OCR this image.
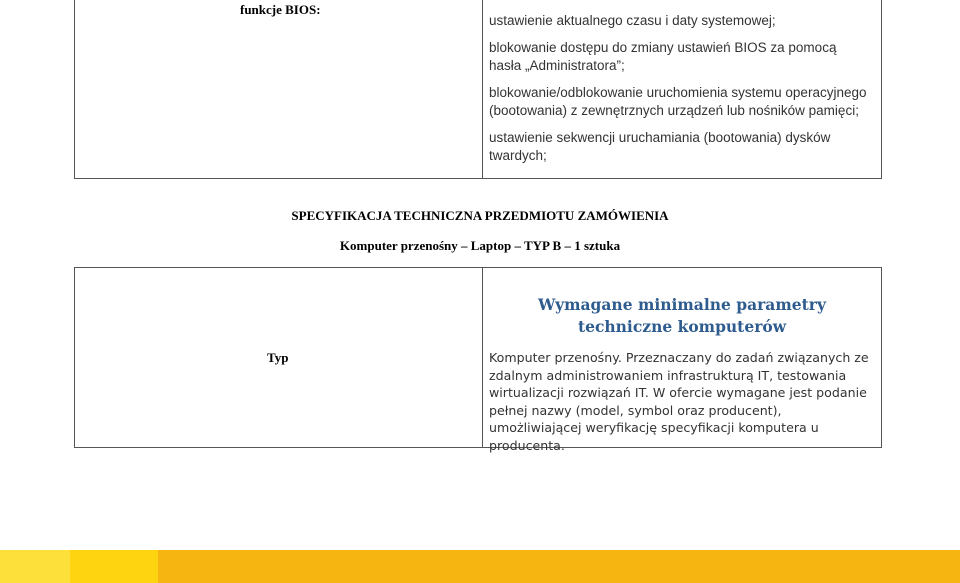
funkcje BIOS:

ustawienie aktualnego czasu i daty systemowej;

blokowanie dostępu do zmiany ustawień BIOS za pomocą hasła „Administratora”;

blokowanie/odblokowanie uruchomienia systemu operacyjnego (bootowania) z zewnętrznych urządzeń lub nośników pamięci;

ustawienie sekwencji uruchamiania (bootowania) dysków twardych;

SPECYFIKACJA TECHNICZNA PRZEDMIOTU ZAMÓWIENIA
Komputer przenośny – Laptop – TYP B – 1 sztuka
Typ
Wymagane minimalne parametry techniczne komputerów

Komputer przenośny. Przeznaczany do zadań związanych ze zdalnym administrowaniem infrastrukturą IT, testowania wirtualizacji rozwiązań IT. W ofercie wymagane jest podanie pełnej nazwy (model, symbol oraz producent), umożliwiającej weryfikację specyfikacji komputera u producenta.
